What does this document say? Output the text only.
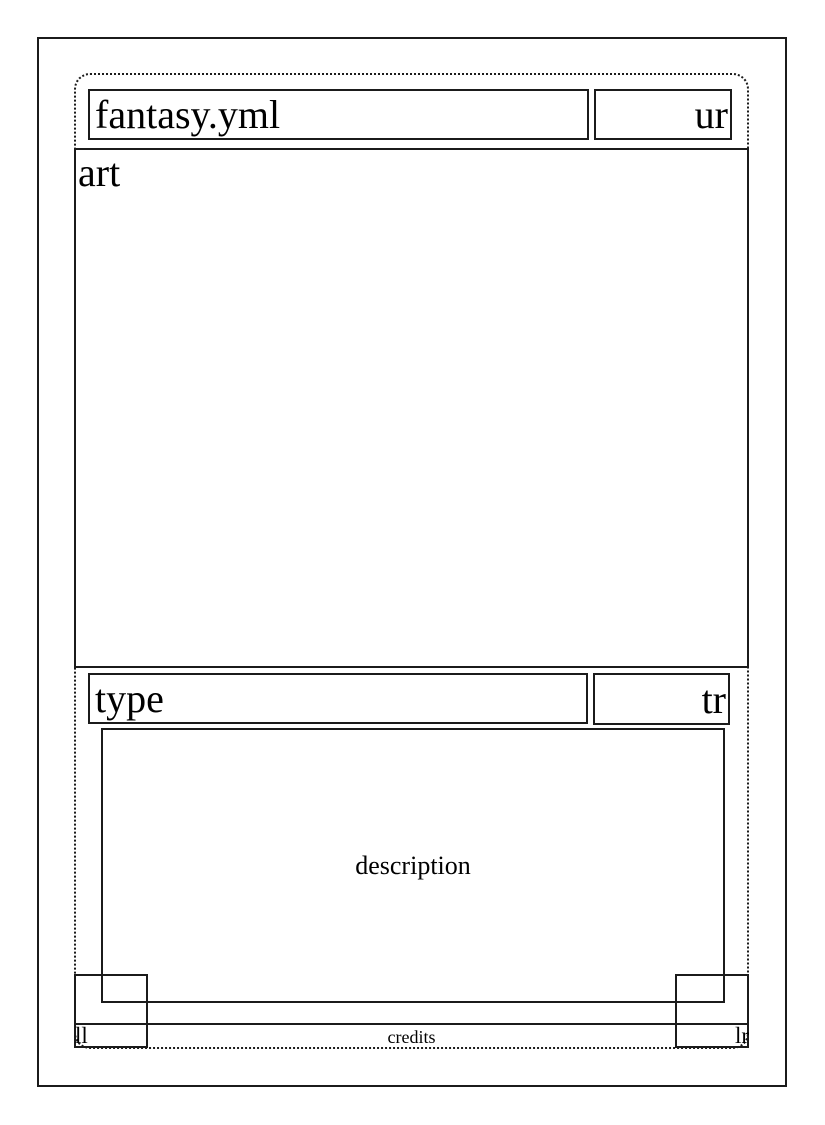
fantasy.yml	ur
art
type	tr
description
credits
ll	lr
